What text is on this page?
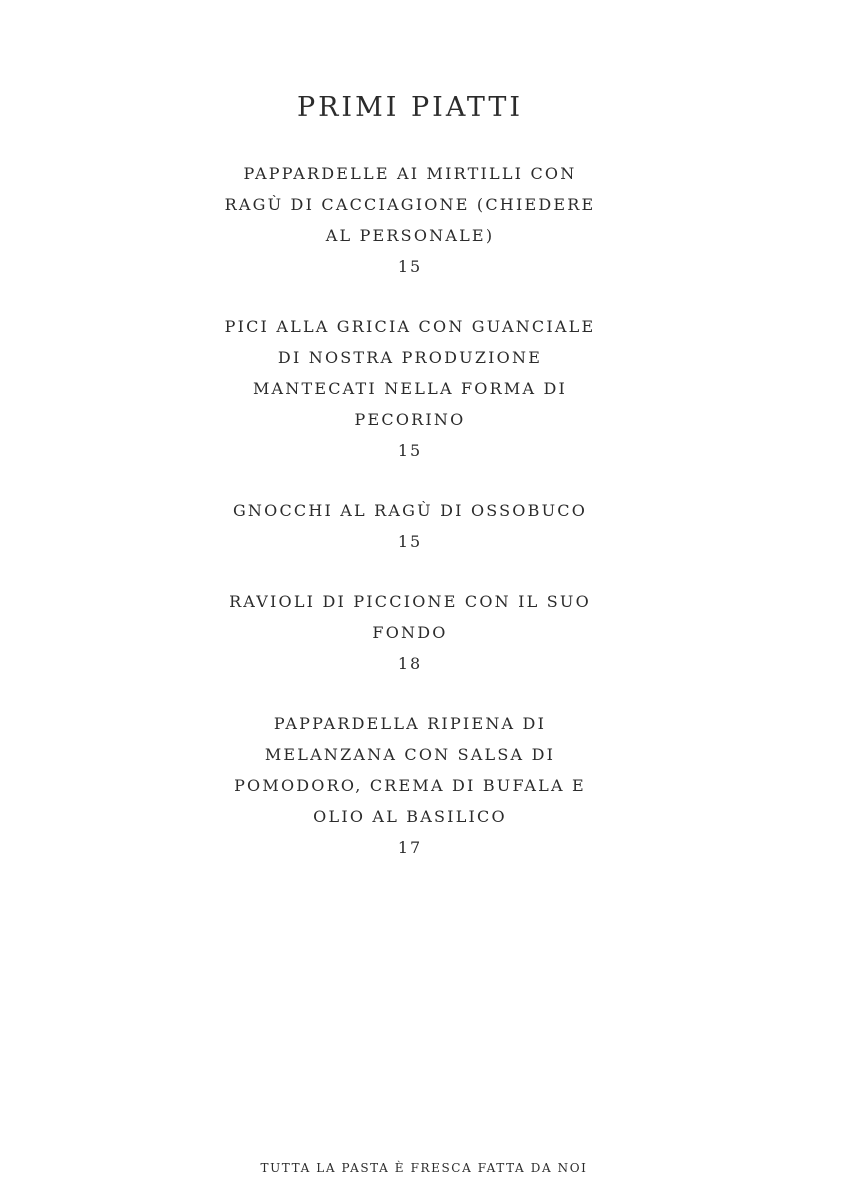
PRIMI PIATTI
PAPPARDELLE AI MIRTILLI CON
RAGÙ DI CACCIAGIONE (CHIEDERE
AL PERSONALE)
15
PICI ALLA GRICIA CON GUANCIALE
DI NOSTRA PRODUZIONE
MANTECATI NELLA FORMA DI
PECORINO
15
GNOCCHI AL RAGÙ DI OSSOBUCO
15
RAVIOLI DI PICCIONE CON IL SUO
FONDO
18
PAPPARDELLA RIPIENA DI
MELANZANA CON SALSA DI
POMODORO, CREMA DI BUFALA E
OLIO AL BASILICO
17
TUTTA LA PASTA È FRESCA FATTA DA NOI
